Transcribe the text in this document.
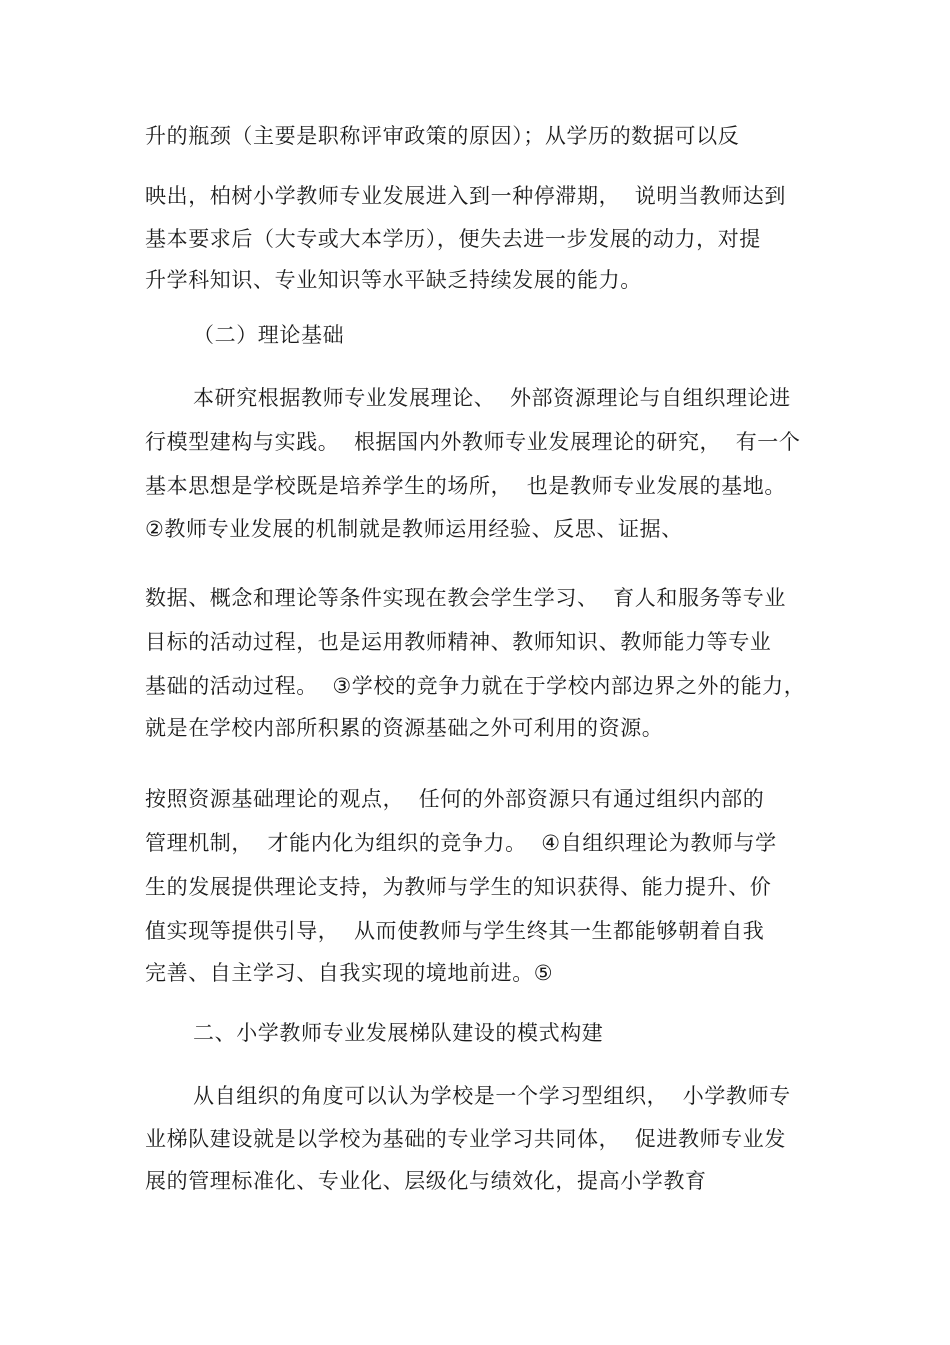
升的瓶颈（主要是职称评审政策的原因）；从学历的数据可以反
映出，柏树小学教师专业发展进入到一种停滞期，  说明当教师达到
基本要求后（大专或大本学历），便失去进一步发展的动力，对提
升学科知识、专业知识等水平缺乏持续发展的能力。
（二）理论基础
本研究根据教师专业发展理论、  外部资源理论与自组织理论进
行模型建构与实践。  根据国内外教师专业发展理论的研究，  有一个
基本思想是学校既是培养学生的场所，  也是教师专业发展的基地。
②教师专业发展的机制就是教师运用经验、反思、证据、
数据、概念和理论等条件实现在教会学生学习、  育人和服务等专业
目标的活动过程，也是运用教师精神、教师知识、教师能力等专业
基础的活动过程。  ③学校的竞争力就在于学校内部边界之外的能力，
就是在学校内部所积累的资源基础之外可利用的资源。
按照资源基础理论的观点，  任何的外部资源只有通过组织内部的
管理机制，  才能内化为组织的竞争力。  ④自组织理论为教师与学
生的发展提供理论支持，为教师与学生的知识获得、能力提升、价
值实现等提供引导，  从而使教师与学生终其一生都能够朝着自我
完善、自主学习、自我实现的境地前进。⑤
二、小学教师专业发展梯队建设的模式构建
从自组织的角度可以认为学校是一个学习型组织，  小学教师专
业梯队建设就是以学校为基础的专业学习共同体，  促进教师专业发
展的管理标准化、专业化、层级化与绩效化，提高小学教育
